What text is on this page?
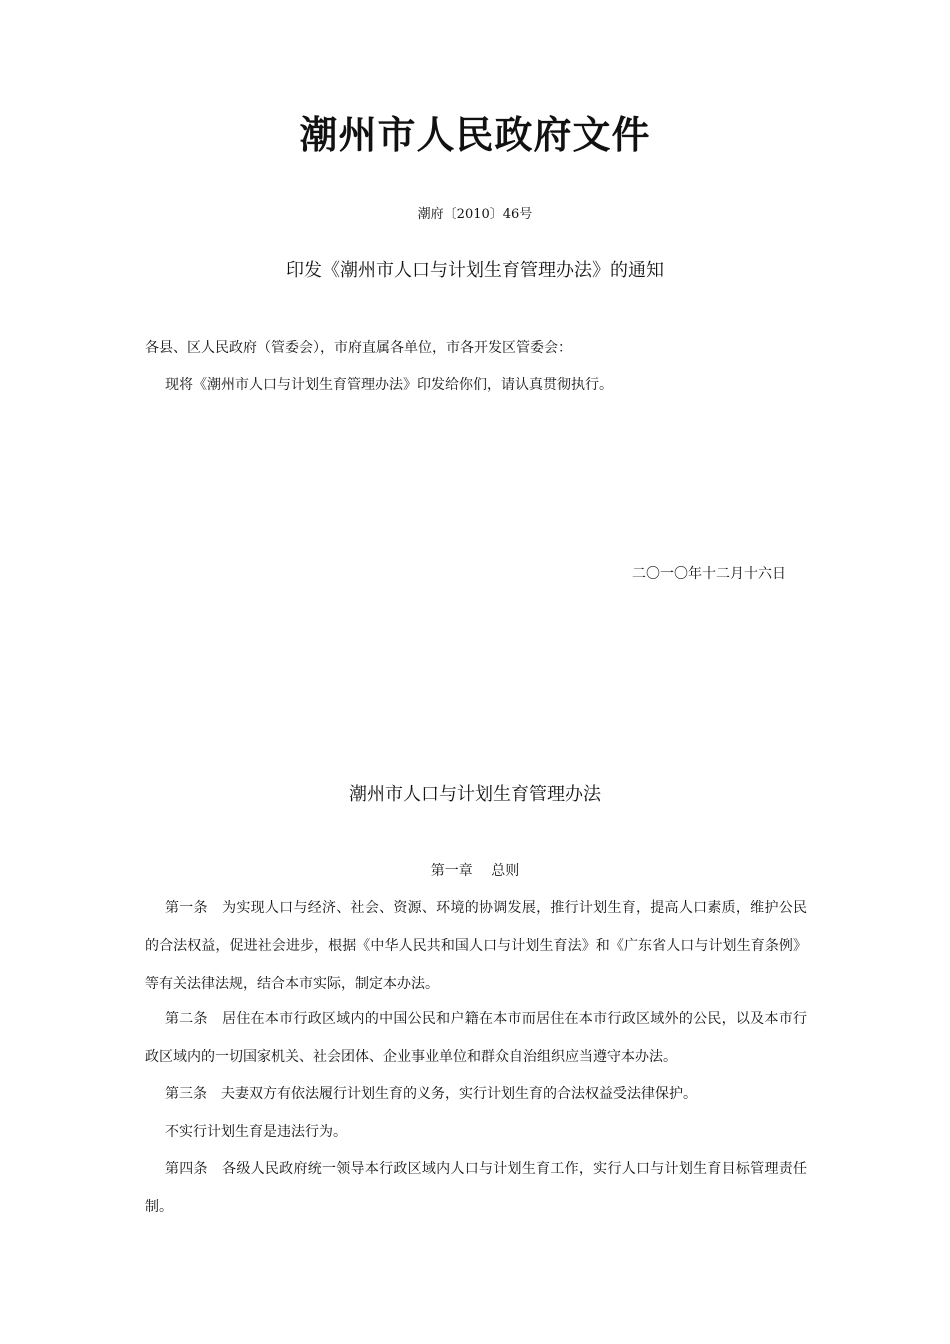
潮州市人民政府文件
潮府〔2010〕46号
印发《潮州市人口与计划生育管理办法》的通知
各县、区人民政府（管委会），市府直属各单位，市各开发区管委会：
现将《潮州市人口与计划生育管理办法》印发给你们，请认真贯彻执行。
二〇一〇年十二月十六日
潮州市人口与计划生育管理办法
第一章　 总则
第一条　为实现人口与经济、社会、资源、环境的协调发展，推行计划生育，提高人口素质，维护公民的合法权益，促进社会进步，根据《中华人民共和国人口与计划生育法》和《广东省人口与计划生育条例》等有关法律法规，结合本市实际，制定本办法。
第二条　居住在本市行政区域内的中国公民和户籍在本市而居住在本市行政区域外的公民，以及本市行政区域内的一切国家机关、社会团体、企业事业单位和群众自治组织应当遵守本办法。
第三条　夫妻双方有依法履行计划生育的义务，实行计划生育的合法权益受法律保护。
不实行计划生育是违法行为。
第四条　各级人民政府统一领导本行政区域内人口与计划生育工作，实行人口与计划生育目标管理责任制。
